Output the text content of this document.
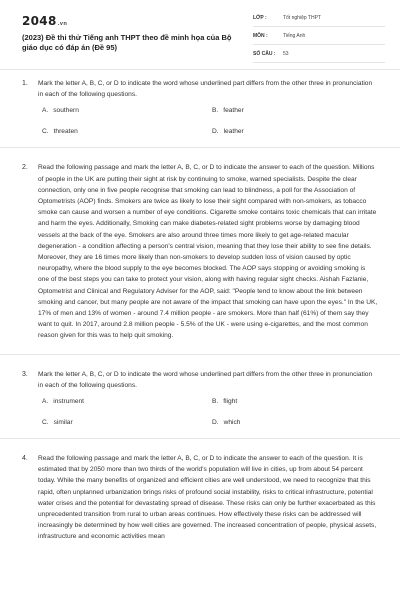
2048.vn
(2023) Đề thi thử Tiếng anh THPT theo đề minh họa của Bộ giáo dục có đáp án (Đề 95)
LỚP :	Tốt nghiệp THPT
MÔN :	Tiếng Anh
SỐ CÂU : 53
1. Mark the letter A, B, C, or D to indicate the word whose underlined part differs from the other three in pronunciation in each of the following questions.
A. southern	B. feather
C. threaten	D. leather
2. Read the following passage and mark the letter A, B, C, or D to indicate the answer to each of the question. Millions of people in the UK are putting their sight at risk by continuing to smoke, warned specialists. Despite the clear connection, only one in five people recognise that smoking can lead to blindness, a poll for the Association of Optometrists (AOP) finds. Smokers are twice as likely to lose their sight compared with non-smokers, as tobacco smoke can cause and worsen a number of eye conditions. Cigarette smoke contains toxic chemicals that can irritate and harm the eyes. Additionally, Smoking can make diabetes-related sight problems worse by damaging blood vessels at the back of the eye. Smokers are also around three times more likely to get age-related macular degeneration - a condition affecting a person's central vision, meaning that they lose their ability to see fine details. Moreover, they are 16 times more likely than non-smokers to develop sudden loss of vision caused by optic neuropathy, where the blood supply to the eye becomes blocked. The AOP says stopping or avoiding smoking is one of the best steps you can take to protect your vision, along with having regular sight checks. Aishah Fazlanie, Optometrist and Clinical and Regulatory Adviser for the AOP, said: "People tend to know about the link between smoking and cancer, but many people are not aware of the impact that smoking can have upon the eyes." In the UK, 17% of men and 13% of women - around 7.4 million people - are smokers. More than half (61%) of them say they want to quit. In 2017, around 2.8 million people - 5.5% of the UK - were using e-cigarettes, and the most common reason given for this was to help quit smoking.
3. Mark the letter A, B, C, or D to indicate the word whose underlined part differs from the other three in pronunciation in each of the following questions.
A. instrument	B. flight
C. similar	D. which
4. Read the following passage and mark the letter A, B, C, or D to indicate the answer to each of the question. It is estimated that by 2050 more than two thirds of the world's population will live in cities, up from about 54 percent today. While the many benefits of organized and efficient cities are well understood, we need to recognize that this rapid, often unplanned urbanization brings risks of profound social instability, risks to critical infrastructure, potential water crises and the potential for devastating spread of disease. These risks can only be further exacerbated as this unprecedented transition from rural to urban areas continues. How effectively these risks can be addressed will increasingly be determined by how well cities are governed. The increased concentration of people, physical assets, infrastructure and economic activities mean
